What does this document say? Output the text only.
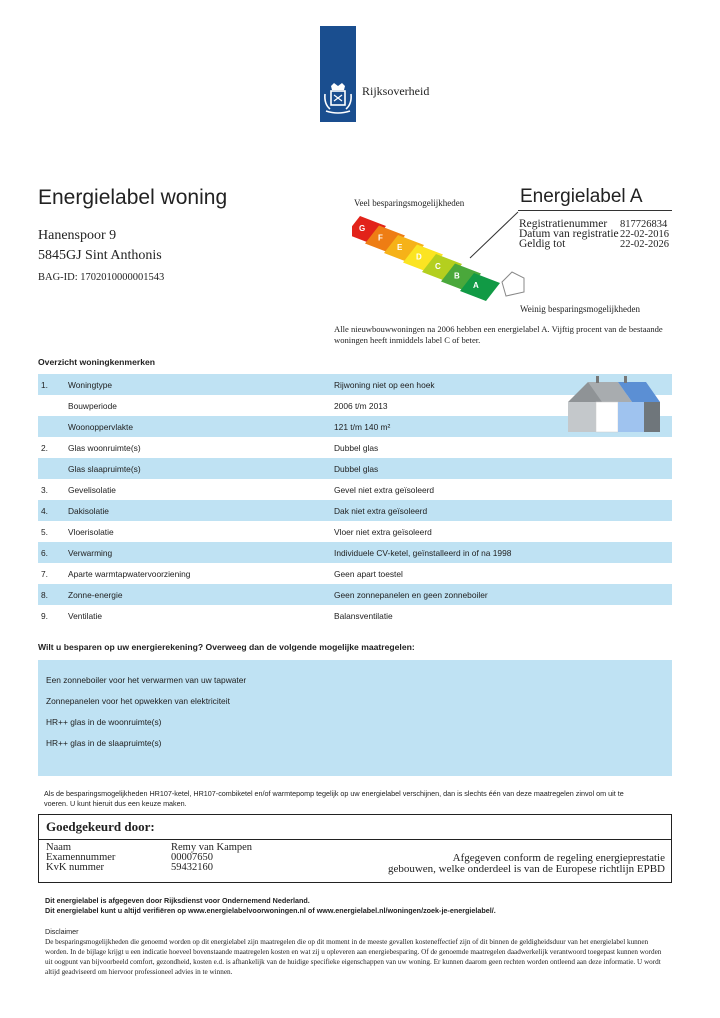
Rijksoverheid
Energielabel woning
Hanenspoor 9
5845GJ Sint Anthonis
BAG-ID: 1702010000001543
Veel besparingsmogelijkheden
G
F
E
D
C
B
A
Weinig besparingsmogelijkheden
Energielabel A
Registratienummer 817726834
Datum van registratie 22-02-2016
Geldig tot	22-02-2026
Alle nieuwbouwwoningen na 2006 hebben een energielabel A. Vijftig procent van de bestaande woningen heeft inmiddels label C of beter.
Overzicht woningkenmerken
1. Woningtype	Rijwoning niet op een hoek
Bouwperiode	2006 t/m 2013
Woonoppervlakte	121 t/m 140 m²
2. Glas woonruimte(s)	Dubbel glas
Glas slaapruimte(s)	Dubbel glas
3. Gevelisolatie	Gevel niet extra geïsoleerd
4. Dakisolatie	Dak niet extra geïsoleerd
5. Vloerisolatie	Vloer niet extra geïsoleerd
6. Verwarming	Individuele CV-ketel, geïnstalleerd in of na 1998
7. Aparte warmtapwatervoorziening	Geen apart toestel
8. Zonne-energie	Geen zonnepanelen en geen zonneboiler
9. Ventilatie	Balansventilatie
Wilt u besparen op uw energierekening? Overweeg dan de volgende mogelijke maatregelen:
Een zonneboiler voor het verwarmen van uw tapwater
Zonnepanelen voor het opwekken van elektriciteit
HR++ glas in de woonruimte(s)
HR++ glas in de slaapruimte(s)
Als de besparingsmogelijkheden HR107-ketel, HR107-combiketel en/of warmtepomp tegelijk op uw energielabel verschijnen, dan is slechts één van deze maatregelen zinvol om uit te
voeren. U kunt hieruit dus een keuze maken.
Goedgekeurd door:
Naam	Remy van Kampen
Examennummer	00007650
KvK nummer	59432160
Afgegeven conform de regeling energieprestatie
gebouwen, welke onderdeel is van de Europese richtlijn EPBD
Dit energielabel is afgegeven door Rijksdienst voor Ondernemend Nederland.
Dit energielabel kunt u altijd verifiëren op www.energielabelvoorwoningen.nl of www.energielabel.nl/woningen/zoek-je-energielabel/.
Disclaimer
De besparingsmogelijkheden die genoemd worden op dit energielabel zijn maatregelen die op dit moment in de meeste gevallen kosteneffectief zijn of dit binnen de geldigheidsduur van het energielabel kunnen worden. In de bijlage krijgt u een indicatie hoeveel bovenstaande maatregelen kosten en wat zij u opleveren aan energiebesparing. Of de genoemde maatregelen daadwerkelijk verantwoord toegepast kunnen worden uit oogpunt van bijvoorbeeld comfort, gezondheid, kosten e.d. is afhankelijk van de huidige specifieke eigenschappen van uw woning. Er kunnen daarom geen rechten worden ontleend aan deze informatie. U wordt altijd geadviseerd om hiervoor professioneel advies in te winnen.
